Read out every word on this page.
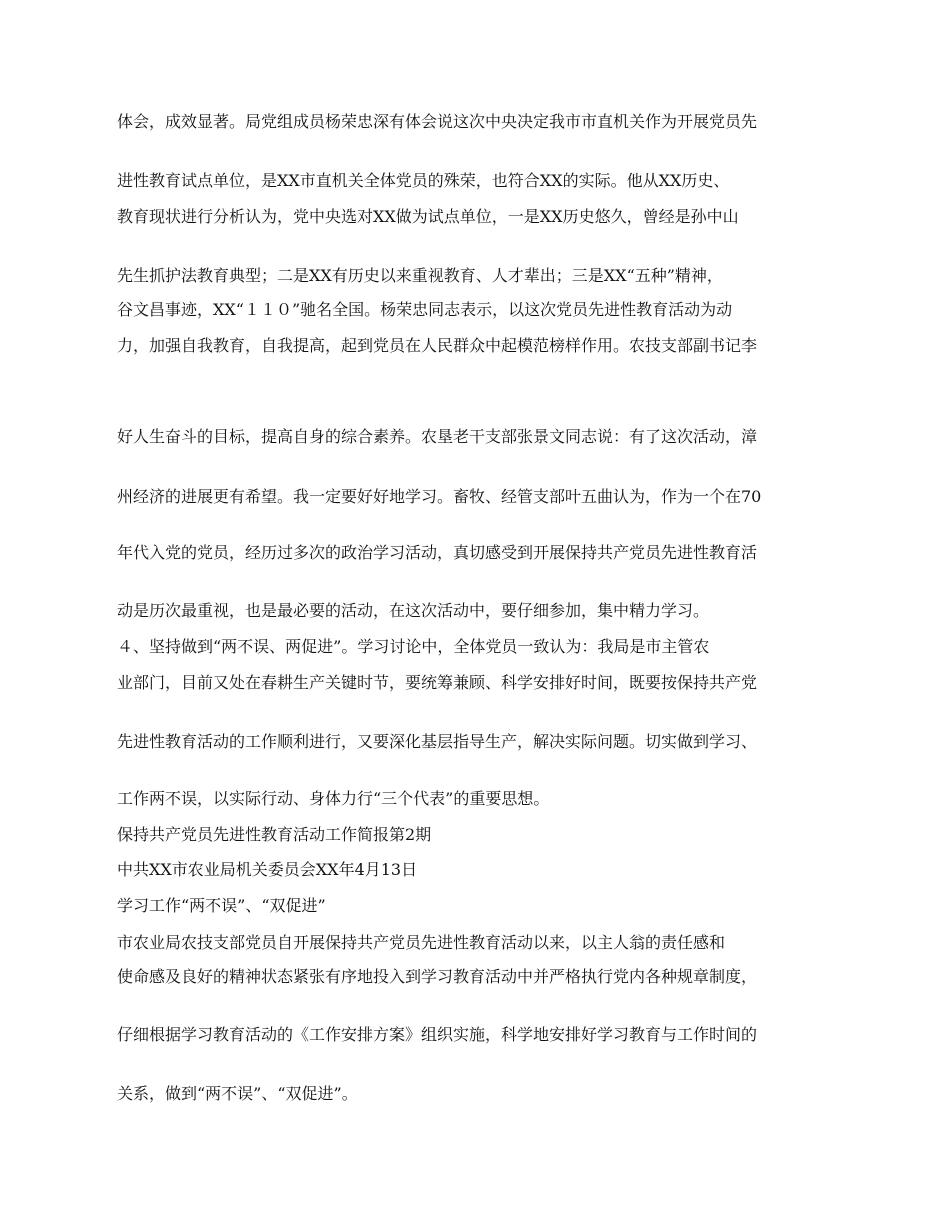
体会，成效显著。局党组成员杨荣忠深有体会说这次中央决定我市市直机关作为开展党员先

进性教育试点单位，是XX市直机关全体党员的殊荣，也符合XX的实际。他从XX历史、

教育现状进行分析认为，党中央选对XX做为试点单位，一是XX历史悠久，曾经是孙中山

先生抓护法教育典型；二是XX有历史以来重视教育、人才辈出；三是XX“五种”精神，

谷文昌事迹，XX“１１０”驰名全国。杨荣忠同志表示，以这次党员先进性教育活动为动

力，加强自我教育，自我提高，起到党员在人民群众中起模范榜样作用。农技支部副书记李

好人生奋斗的目标，提高自身的综合素养。农垦老干支部张景文同志说：有了这次活动，漳

州经济的进展更有希望。我一定要好好地学习。畜牧、经管支部叶五曲认为，作为一个在70

年代入党的党员，经历过多次的政治学习活动，真切感受到开展保持共产党员先进性教育活

动是历次最重视，也是最必要的活动，在这次活动中，要仔细参加，集中精力学习。

４、坚持做到“两不误、两促进”。学习讨论中，全体党员一致认为：我局是市主管农

业部门，目前又处在春耕生产关键时节，要统筹兼顾、科学安排好时间，既要按保持共产党

先进性教育活动的工作顺利进行，又要深化基层指导生产，解决实际问题。切实做到学习、

工作两不误，以实际行动、身体力行“三个代表”的重要思想。

保持共产党员先进性教育活动工作简报第2期

中共XX市农业局机关委员会XX年4月13日

学习工作“两不误”、“双促进”

市农业局农技支部党员自开展保持共产党员先进性教育活动以来，以主人翁的责任感和

使命感及良好的精神状态紧张有序地投入到学习教育活动中并严格执行党内各种规章制度，

仔细根据学习教育活动的《工作安排方案》组织实施，科学地安排好学习教育与工作时间的

关系，做到“两不误”、“双促进”。
